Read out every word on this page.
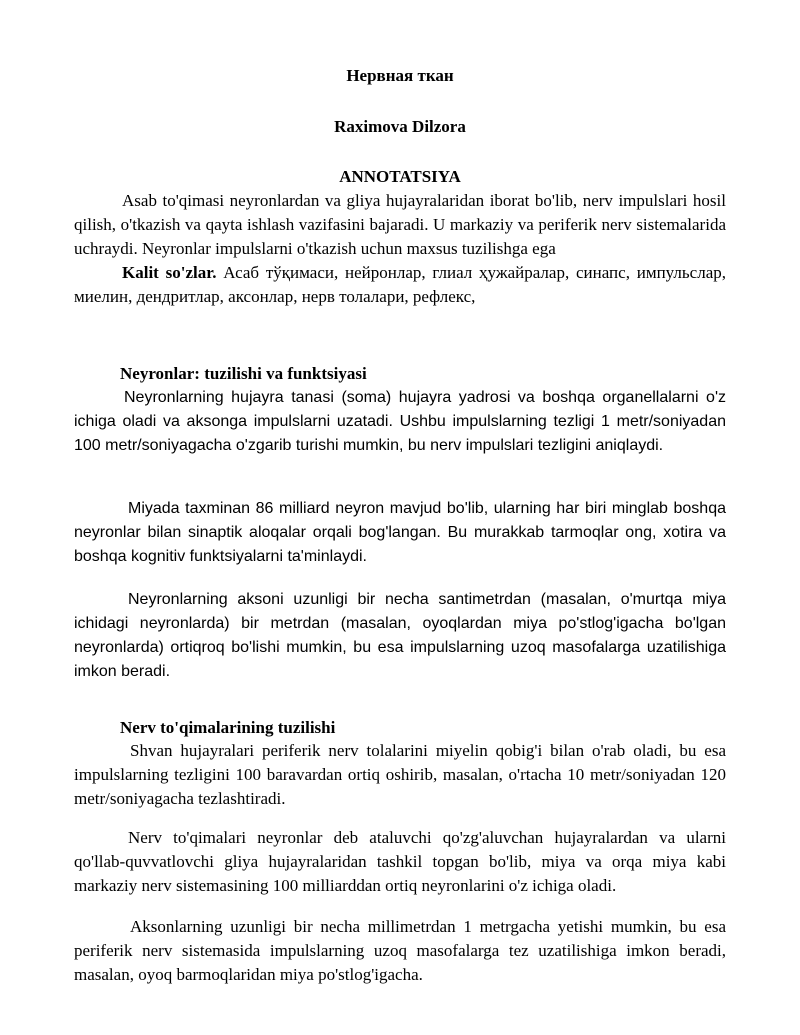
Нервная ткан
Raximova Dilzora
ANNOTATSIYA

Asab to'qimasi neyronlardan va gliya hujayralaridan iborat bo'lib, nerv impulslari hosil qilish, o'tkazish va qayta ishlash vazifasini bajaradi. U markaziy va periferik nerv sistemalarida uchraydi. Neyronlar impulslarni o'tkazish uchun maxsus tuzilishga ega

Kalit so'zlar. Асаб тўқимаси, нейронлар, глиал ҳужайралар, синапс, импульслар, миелин, дендритлар, аксонлар, нерв толалари, рефлекс,

Neyronlar: tuzilishi va funktsiyasi

Neyronlarning hujayra tanasi (soma) hujayra yadrosi va boshqa organellalarni o'z ichiga oladi va aksonga impulslarni uzatadi. Ushbu impulslarning tezligi 1 metr/soniyadan 100 metr/soniyagacha o'zgarib turishi mumkin, bu nerv impulslari tezligini aniqlaydi.

Miyada taxminan 86 milliard neyron mavjud bo'lib, ularning har biri minglab boshqa neyronlar bilan sinaptik aloqalar orqali bog'langan. Bu murakkab tarmoqlar ong, xotira va boshqa kognitiv funktsiyalarni ta'minlaydi.

Neyronlarning aksoni uzunligi bir necha santimetrdan (masalan, o'murtqa miya ichidagi neyronlarda) bir metrdan (masalan, oyoqlardan miya po'stlog'igacha bo'lgan neyronlarda) ortiqroq bo'lishi mumkin, bu esa impulslarning uzoq masofalarga uzatilishiga imkon beradi.

Nerv to'qimalarining tuzilishi

Shvan hujayralari periferik nerv tolalarini miyelin qobig'i bilan o'rab oladi, bu esa impulslarning tezligini 100 baravardan ortiq oshirib, masalan, o'rtacha 10 metr/soniyadan 120 metr/soniyagacha tezlashtiradi.

Nerv to'qimalari neyronlar deb ataluvchi qo'zg'aluvchan hujayralardan va ularni qo'llab-quvvatlovchi gliya hujayralaridan tashkil topgan bo'lib, miya va orqa miya kabi markaziy nerv sistemasining 100 milliarddan ortiq neyronlarini o'z ichiga oladi.

Aksonlarning uzunligi bir necha millimetrdan 1 metrgacha yetishi mumkin, bu esa periferik nerv sistemasida impulslarning uzoq masofalarga tez uzatilishiga imkon beradi, masalan, oyoq barmoqlaridan miya po'stlog'igacha.
